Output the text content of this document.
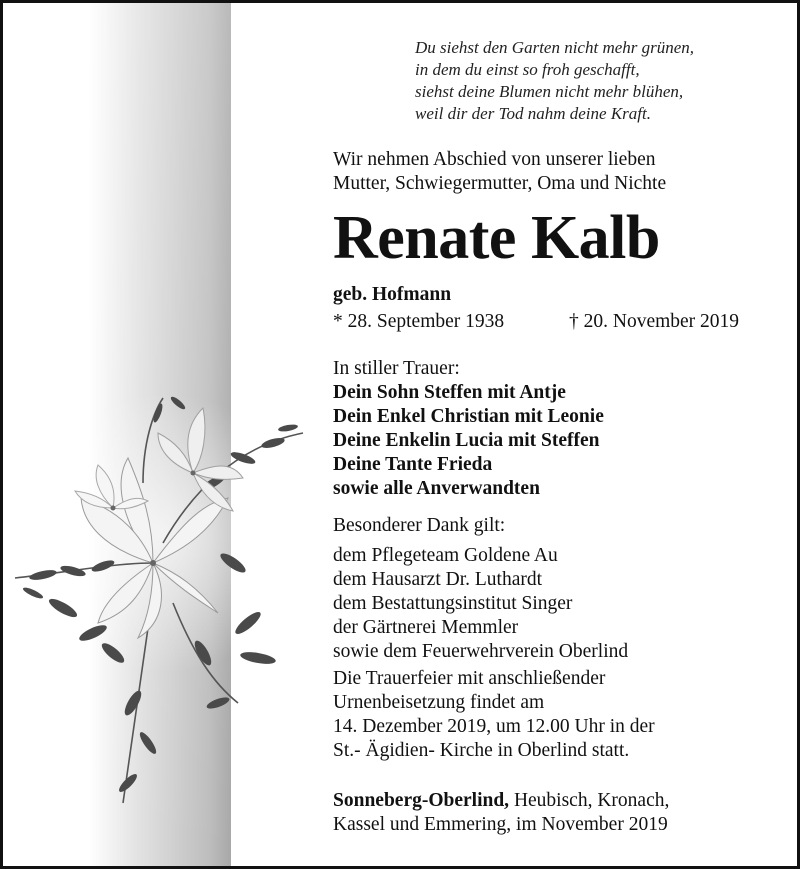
Du siehst den Garten nicht mehr grünen,
in dem du einst so froh geschafft,
siehst deine Blumen nicht mehr blühen,
weil dir der Tod nahm deine Kraft.
Wir nehmen Abschied von unserer lieben
Mutter, Schwiegermutter, Oma und Nichte
Renate Kalb
geb. Hofmann
* 28. September 1938	† 20. November 2019
In stiller Trauer:
Dein Sohn Steffen mit Antje
Dein Enkel Christian mit Leonie
Deine Enkelin Lucia mit Steffen
Deine Tante Frieda
sowie alle Anverwandten
Besonderer Dank gilt:
dem Pflegeteam Goldene Au
dem Hausarzt Dr. Luthardt
dem Bestattungsinstitut Singer
der Gärtnerei Memmler
sowie dem Feuerwehrverein Oberlind
Die Trauerfeier mit anschließender
Urnenbeisetzung findet am
14. Dezember 2019, um 12.00 Uhr in der
St.- Ägidien- Kirche in Oberlind statt.
Sonneberg-Oberlind, Heubisch, Kronach,
Kassel und Emmering, im November 2019
